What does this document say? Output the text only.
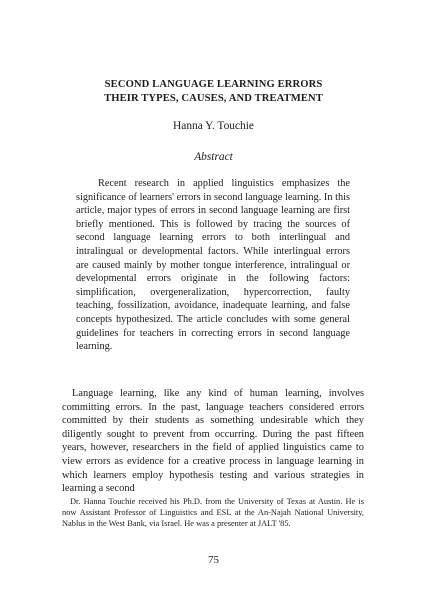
SECOND LANGUAGE LEARNING ERRORS
THEIR TYPES, CAUSES, AND TREATMENT
Hanna Y. Touchie
Abstract

Recent research in applied linguistics emphasizes the significance of learners' errors in second language learning. In this article, major types of errors in second language learning are first briefly mentioned. This is followed by tracing the sources of second language learning errors to both interlingual and intralingual or developmental factors. While interlingual errors are caused mainly by mother tongue interference, intralingual or developmental errors originate in the following factors: simplification, overgeneralization, hypercorrection, faulty teaching, fossilization, avoidance, inadequate learning, and false concepts hypothesized. The article concludes with some general guidelines for teachers in correcting errors in second language learning.

Language learning, like any kind of human learning, involves committing errors. In the past, language teachers considered errors committed by their students as something undesirable which they diligently sought to prevent from occurring. During the past fifteen years, however, researchers in the field of applied linguistics came to view errors as evidence for a creative process in language learning in which learners employ hypothesis testing and various strategies in learning a second

Dr. Hanna Touchie received his Ph.D. from the University of Texas at Austin. He is now Assistant Professor of Linguistics and ESL at the An-Najah National University, Nablus in the West Bank, via Israel. He was a presenter at JALT '85.

75
